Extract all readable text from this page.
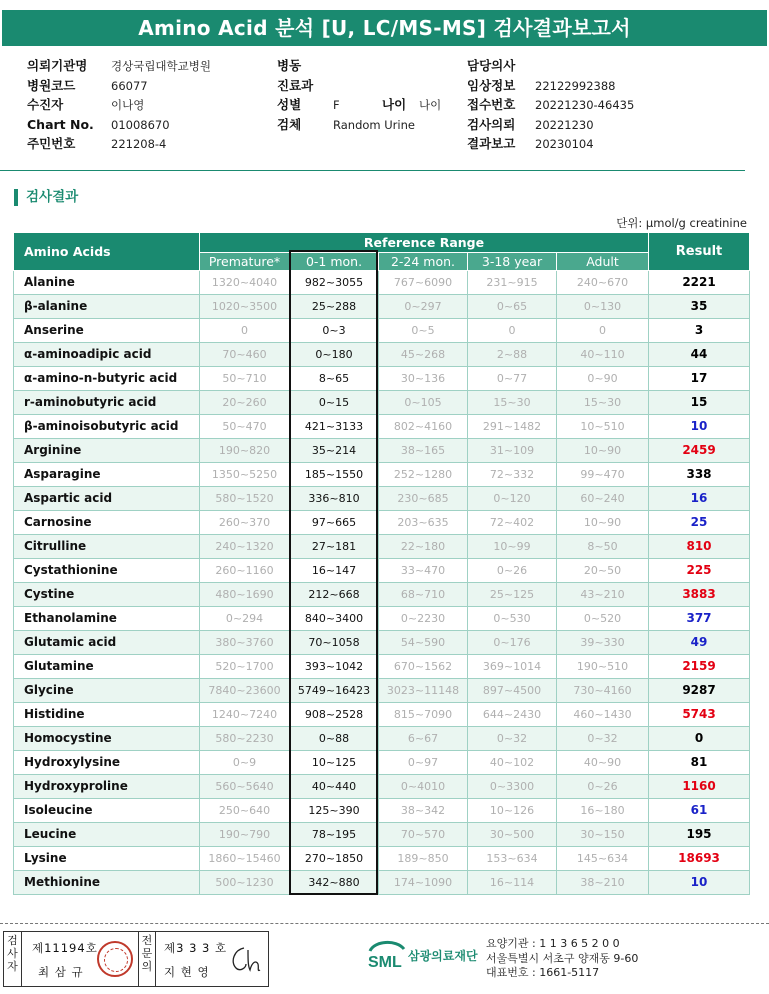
Amino Acid 분석 [U, LC/MS-MS] 검사결과보고서
의뢰기관명 경상국립대학교병원
병원코드	66077
수진자	이나영
Chart No. 01008670
주민번호	221208-4
병동
진료과
성별	F	나이 나이
검체	Random Urine
담당의사
임상정보 22122992388
접수번호 20221230-46435
검사의뢰 20221230
결과보고 20230104
검사결과
단위: μmol/g creatinine
Amino Acids	Reference Range					Result
	Premature*	0-1 mon.	2-24 mon.	3-18 year	Adult	
Alanine	1320~4040	982~3055	767~6090	231~915	240~670	2221
β-alanine	1020~3500	25~288	0~297	0~65	0~130	35
Anserine	0	0~3	0~5	0	0	3
α-aminoadipic acid	70~460	0~180	45~268	2~88	40~110	44
α-amino-n-butyric acid	50~710	8~65	30~136	0~77	0~90	17
r-aminobutyric acid	20~260	0~15	0~105	15~30	15~30	15
β-aminoisobutyric acid	50~470	421~3133	802~4160	291~1482	10~510	10
Arginine	190~820	35~214	38~165	31~109	10~90	2459
Asparagine	1350~5250	185~1550	252~1280	72~332	99~470	338
Aspartic acid	580~1520	336~810	230~685	0~120	60~240	16
Carnosine	260~370	97~665	203~635	72~402	10~90	25
Citrulline	240~1320	27~181	22~180	10~99	8~50	810
Cystathionine	260~1160	16~147	33~470	0~26	20~50	225
Cystine	480~1690	212~668	68~710	25~125	43~210	3883
Ethanolamine	0~294	840~3400	0~2230	0~530	0~520	377
Glutamic acid	380~3760	70~1058	54~590	0~176	39~330	49
Glutamine	520~1700	393~1042	670~1562	369~1014	190~510	2159
Glycine	7840~23600	5749~16423	3023~11148	897~4500	730~4160	9287
Histidine	1240~7240	908~2528	815~7090	644~2430	460~1430	5743
Homocystine	580~2230	0~88	6~67	0~32	0~32	0
Hydroxylysine	0~9	10~125	0~97	40~102	40~90	81
Hydroxyproline	560~5640	40~440	0~4010	0~3300	0~26	1160
Isoleucine	250~640	125~390	38~342	10~126	16~180	61
Leucine	190~790	78~195	70~570	30~500	30~150	195
Lysine	1860~15460	270~1850	189~850	153~634	145~634	18693
Methionine	500~1230	342~880	174~1090	16~114	38~210	10
검사자
제11194호
최 삼 규
전문의
제3 3 3 호
지 현 영
SML 삼광의료재단
요양기관 : 1 1 3 6 5 2 0 0
서울특별시 서초구 양재동 9-60
대표번호 : 1661-5117
